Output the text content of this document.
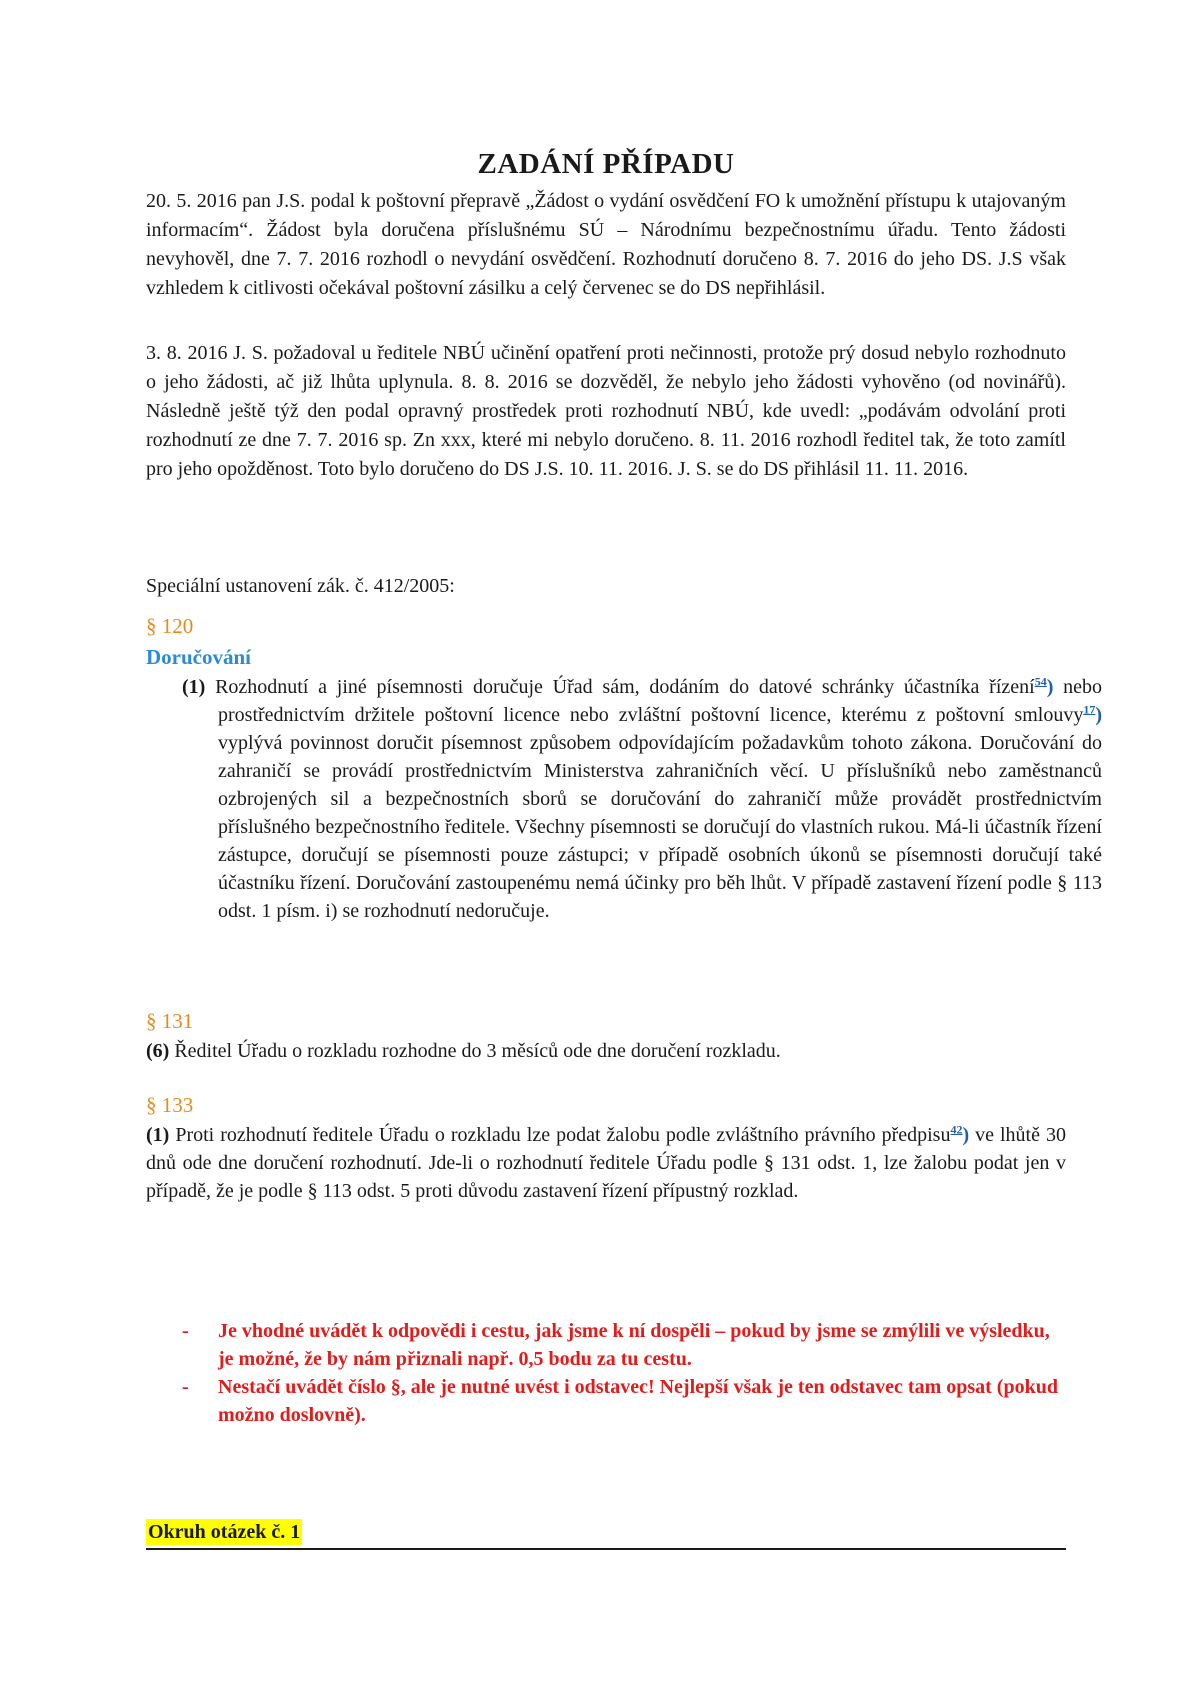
ZADÁNÍ PŘÍPADU

20. 5. 2016 pan J.S. podal k poštovní přepravě „Žádost o vydání osvědčení FO k umožnění přístupu k utajovaným informacím“. Žádost byla doručena příslušnému SÚ – Národnímu bezpečnostnímu úřadu. Tento žádosti nevyhověl, dne 7. 7. 2016 rozhodl o nevydání osvědčení. Rozhodnutí doručeno 8. 7. 2016 do jeho DS. J.S však vzhledem k citlivosti očekával poštovní zásilku a celý červenec se do DS nepřihlásil.

3. 8. 2016 J. S. požadoval u ředitele NBÚ učinění opatření proti nečinnosti, protože prý dosud nebylo rozhodnuto o jeho žádosti, ač již lhůta uplynula. 8. 8. 2016 se dozvěděl, že nebylo jeho žádosti vyhověno (od novinářů). Následně ještě týž den podal opravný prostředek proti rozhodnutí NBÚ, kde uvedl: „podávám odvolání proti rozhodnutí ze dne 7. 7. 2016 sp. Zn xxx, které mi nebylo doručeno. 8. 11. 2016 rozhodl ředitel tak, že toto zamítl pro jeho opožděnost. Toto bylo doručeno do DS J.S. 10. 11. 2016. J. S. se do DS přihlásil 11. 11. 2016.

Speciální ustanovení zák. č. 412/2005:

§ 120

Doručování

(1) Rozhodnutí a jiné písemnosti doručuje Úřad sám, dodáním do datové schránky účastníka řízení$^{54}$) nebo prostřednictvím držitele poštovní licence nebo zvláštní poštovní licence, kterému z poštovní smlouvy$^{17}$) vyplývá povinnost doručit písemnost způsobem odpovídajícím požadavkům tohoto zákona. Doručování do zahraničí se provádí prostřednictvím Ministerstva zahraničních věcí. U příslušníků nebo zaměstnanců ozbrojených sil a bezpečnostních sborů se doručování do zahraničí může provádět prostřednictvím příslušného bezpečnostního ředitele. Všechny písemnosti se doručují do vlastních rukou. Má-li účastník řízení zástupce, doručují se písemnosti pouze zástupci; v případě osobních úkonů se písemnosti doručují také účastníku řízení. Doručování zastoupenému nemá účinky pro běh lhůt. V případě zastavení řízení podle § 113 odst. 1 písm. i) se rozhodnutí nedoručuje.

§ 131

(6) Ředitel Úřadu o rozkladu rozhodne do 3 měsíců ode dne doručení rozkladu.

§ 133

(1) Proti rozhodnutí ředitele Úřadu o rozkladu lze podat žalobu podle zvláštního právního předpisu$^{42}$) ve lhůtě 30 dnů ode dne doručení rozhodnutí. Jde-li o rozhodnutí ředitele Úřadu podle § 131 odst. 1, lze žalobu podat jen v případě, že je podle § 113 odst. 5 proti důvodu zastavení řízení přípustný rozklad.

- Je vhodné uvádět k odpovědi i cestu, jak jsme k ní dospěli – pokud by jsme se zmýlili ve výsledku, je možné, že by nám přiznali např. 0,5 bodu za tu cestu.
- Nestačí uvádět číslo §, ale je nutné uvést i odstavec! Nejlepší však je ten odstavec tam opsat (pokud možno doslovně).
Okruh otázek č. 1
